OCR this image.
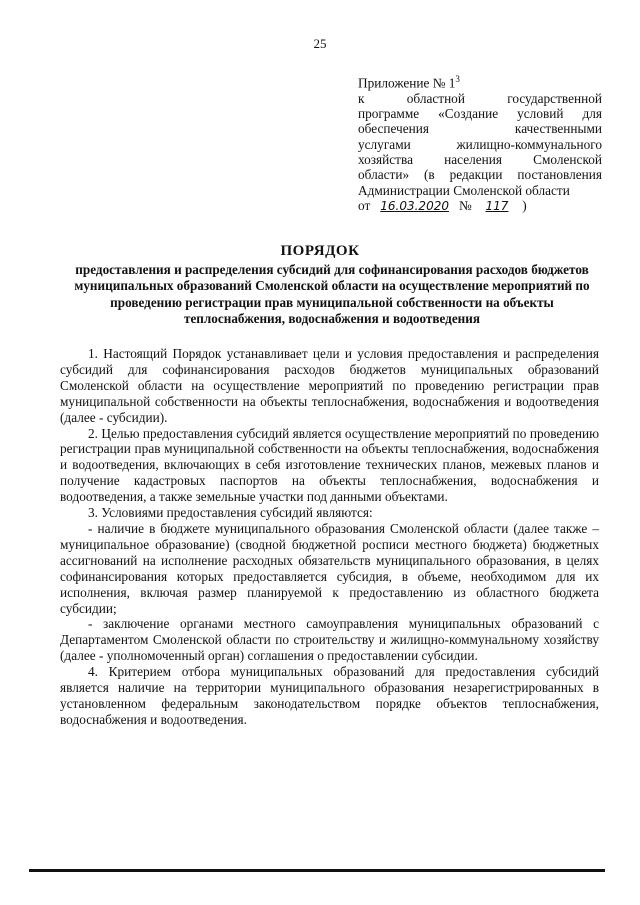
25
Приложение № $1^3$
к областной государственной
программе «Создание условий для
обеспечения качественными
услугами жилищно-коммунального
хозяйства населения Смоленской
области» (в редакции постановления
Администрации Смоленской области
от 16.03.2020 № 117 )
ПОРЯДОК
предоставления и распределения субсидий для софинансирования расходов бюджетов муниципальных образований Смоленской области на осуществление мероприятий по проведению регистрации прав муниципальной собственности на объекты теплоснабжения, водоснабжения и водоотведения

1. Настоящий Порядок устанавливает цели и условия предоставления и распределения субсидий для софинансирования расходов бюджетов муниципальных образований Смоленской области на осуществление мероприятий по проведению регистрации прав муниципальной собственности на объекты теплоснабжения, водоснабжения и водоотведения (далее - субсидии).

2. Целью предоставления субсидий является осуществление мероприятий по проведению регистрации прав муниципальной собственности на объекты теплоснабжения, водоснабжения и водоотведения, включающих в себя изготовление технических планов, межевых планов и получение кадастровых паспортов на объекты теплоснабжения, водоснабжения и водоотведения, а также земельные участки под данными объектами.

3. Условиями предоставления субсидий являются:

- наличие в бюджете муниципального образования Смоленской области (далее также – муниципальное образование) (сводной бюджетной росписи местного бюджета) бюджетных ассигнований на исполнение расходных обязательств муниципального образования, в целях софинансирования которых предоставляется субсидия, в объеме, необходимом для их исполнения, включая размер планируемой к предоставлению из областного бюджета субсидии;

- заключение органами местного самоуправления муниципальных образований с Департаментом Смоленской области по строительству и жилищно-коммунальному хозяйству (далее - уполномоченный орган) соглашения о предоставлении субсидии.

4. Критерием отбора муниципальных образований для предоставления субсидий является наличие на территории муниципального образования незарегистрированных в установленном федеральным законодательством порядке объектов теплоснабжения, водоснабжения и водоотведения.
